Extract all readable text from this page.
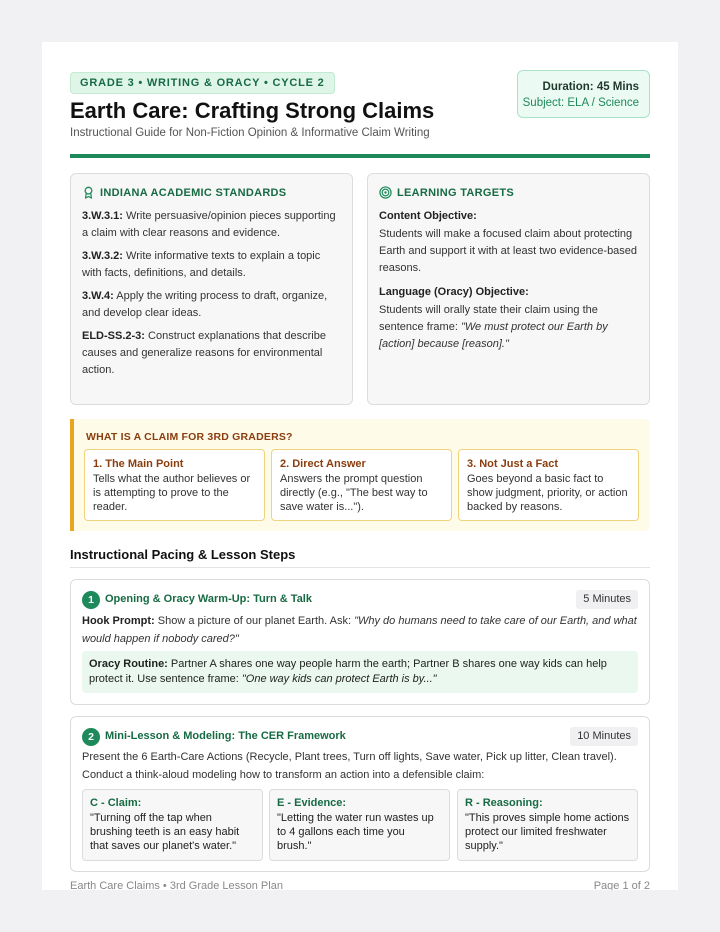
GRADE 3 • WRITING & ORACY • CYCLE 2
Earth Care: Crafting Strong Claims
Instructional Guide for Non-Fiction Opinion & Informative Claim Writing
Duration: 45 Mins
Subject: ELA / Science
INDIANA ACADEMIC STANDARDS
3.W.3.1: Write persuasive/opinion pieces supporting a claim with clear reasons and evidence.
3.W.3.2: Write informative texts to explain a topic with facts, definitions, and details.
3.W.4: Apply the writing process to draft, organize, and develop clear ideas.
ELD-SS.2-3: Construct explanations that describe causes and generalize reasons for environmental action.
LEARNING TARGETS
Content Objective:
Students will make a focused claim about protecting Earth and support it with at least two evidence-based reasons.
Language (Oracy) Objective:
Students will orally state their claim using the sentence frame: "We must protect our Earth by [action] because [reason]."
WHAT IS A CLAIM FOR 3RD GRADERS?
1. The Main Point
Tells what the author believes or is attempting to prove to the reader.
2. Direct Answer
Answers the prompt question directly (e.g., "The best way to save water is...").
3. Not Just a Fact
Goes beyond a basic fact to show judgment, priority, or action backed by reasons.
Instructional Pacing & Lesson Steps
1	Opening & Oracy Warm-Up: Turn & Talk	5 Minutes
Hook Prompt: Show a picture of our planet Earth. Ask: "Why do humans need to take care of our Earth, and what would happen if nobody cared?"
Oracy Routine: Partner A shares one way people harm the earth; Partner B shares one way kids can help protect it. Use sentence frame: "One way kids can protect Earth is by..."
2	Mini-Lesson & Modeling: The CER Framework	10 Minutes
Present the 6 Earth-Care Actions (Recycle, Plant trees, Turn off lights, Save water, Pick up litter, Clean travel). Conduct a think-aloud modeling how to transform an action into a defensible claim:
C - Claim:
"Turning off the tap when brushing teeth is an easy habit that saves our planet's water."
E - Evidence:
"Letting the water run wastes up to 4 gallons each time you brush."
R - Reasoning:
"This proves simple home actions protect our limited freshwater supply."
Earth Care Claims • 3rd Grade Lesson Plan	Page 1 of 2
